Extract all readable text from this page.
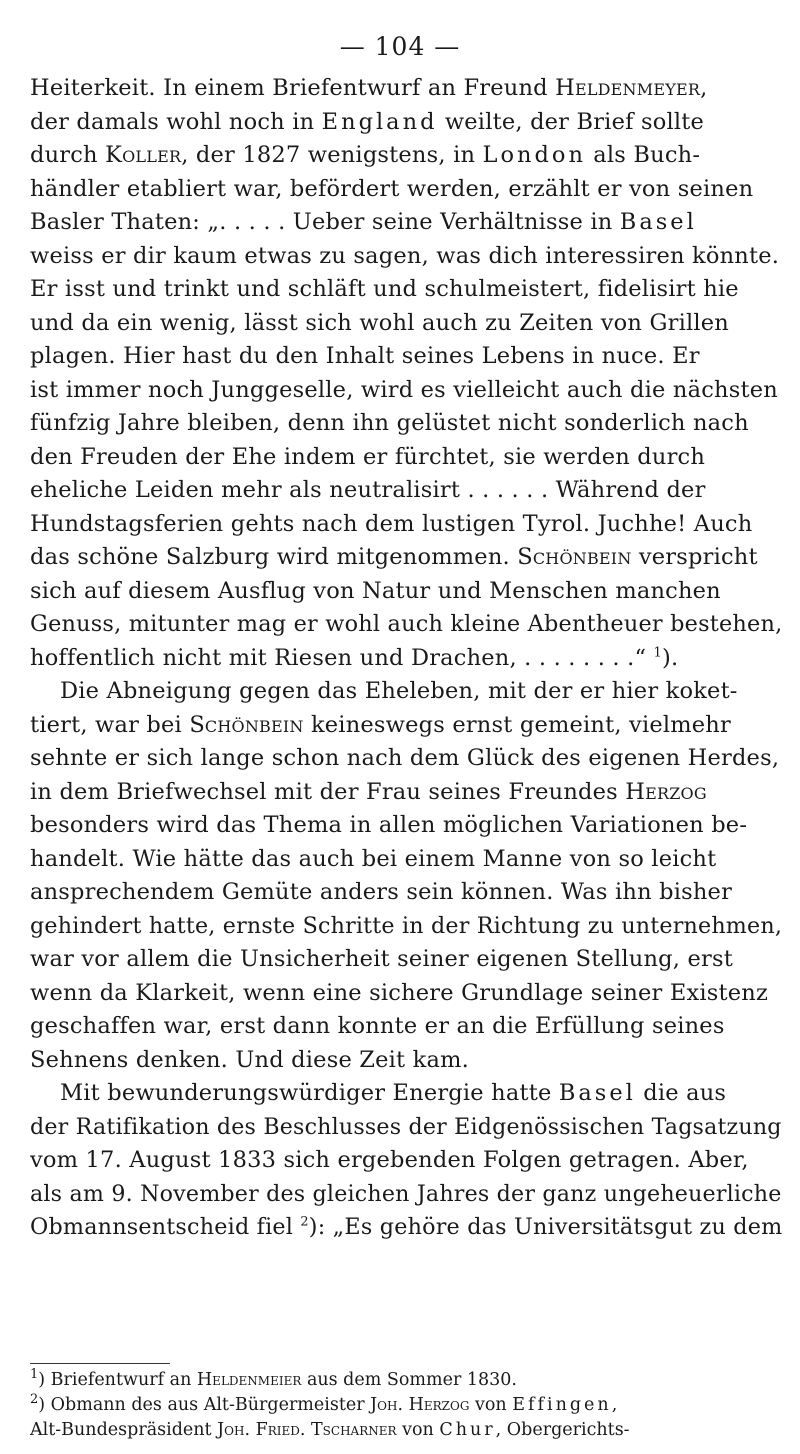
— 104 —
Heiterkeit. In einem Briefentwurf an Freund Heldenmeyer,
der damals wohl noch in England weilte, der Brief sollte
durch Koller, der 1827 wenigstens, in London als Buch-
händler etabliert war, befördert werden, erzählt er von seinen
Basler Thaten: „. . . . . Ueber seine Verhältnisse in Basel
weiss er dir kaum etwas zu sagen, was dich interessiren könnte.
Er isst und trinkt und schläft und schulmeistert, fidelisirt hie
und da ein wenig, lässt sich wohl auch zu Zeiten von Grillen
plagen. Hier hast du den Inhalt seines Lebens in nuce. Er
ist immer noch Junggeselle, wird es vielleicht auch die nächsten
fünfzig Jahre bleiben, denn ihn gelüstet nicht sonderlich nach
den Freuden der Ehe indem er fürchtet, sie werden durch
eheliche Leiden mehr als neutralisirt . . . . . . Während der
Hundstagsferien gehts nach dem lustigen Tyrol. Juchhe! Auch
das schöne Salzburg wird mitgenommen. Schönbein verspricht
sich auf diesem Ausflug von Natur und Menschen manchen
Genuss, mitunter mag er wohl auch kleine Abentheuer bestehen,
hoffentlich nicht mit Riesen und Drachen, . . . . . . . .“ $^1$).
Die Abneigung gegen das Eheleben, mit der er hier koket-
tiert, war bei Schönbein keineswegs ernst gemeint, vielmehr
sehnte er sich lange schon nach dem Glück des eigenen Herdes,
in dem Briefwechsel mit der Frau seines Freundes Herzog
besonders wird das Thema in allen möglichen Variationen be-
handelt. Wie hätte das auch bei einem Manne von so leicht
ansprechendem Gemüte anders sein können. Was ihn bisher
gehindert hatte, ernste Schritte in der Richtung zu unternehmen,
war vor allem die Unsicherheit seiner eigenen Stellung, erst
wenn da Klarkeit, wenn eine sichere Grundlage seiner Existenz
geschaffen war, erst dann konnte er an die Erfüllung seines
Sehnens denken. Und diese Zeit kam.
Mit bewunderungswürdiger Energie hatte Basel die aus
der Ratifikation des Beschlusses der Eidgenössischen Tagsatzung
vom 17. August 1833 sich ergebenden Folgen getragen. Aber,
als am 9. November des gleichen Jahres der ganz ungeheuerliche
Obmannsentscheid fiel $^2$): „Es gehöre das Universitätsgut zu dem
$^1$) Briefentwurf an Heldenmeier aus dem Sommer 1830.
$^2$) Obmann des aus Alt-Bürgermeister Joh. Herzog von Effingen,
Alt-Bundespräsident Joh. Fried. Tscharner von Chur, Obergerichts-
